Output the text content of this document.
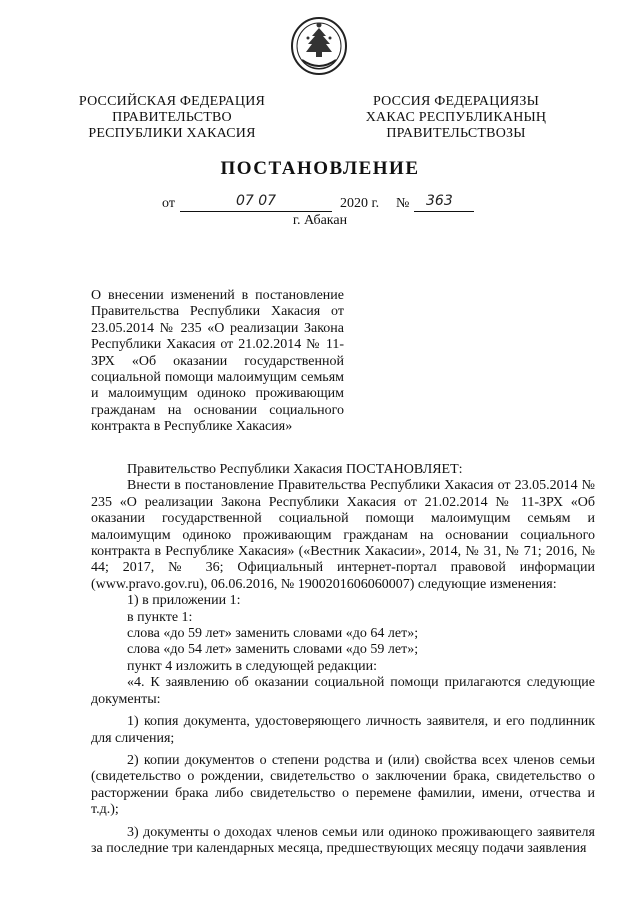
РОССИЙСКАЯ ФЕДЕРАЦИЯ
ПРАВИТЕЛЬСТВО
РЕСПУБЛИКИ ХАКАСИЯ
РОССИЯ ФЕДЕРАЦИЯЗЫ
ХАКАС РЕСПУБЛИКАНЫҢ
ПРАВИТЕЛЬСТВОЗЫ
ПОСТАНОВЛЕНИЕ
от	07 07	2020 г. № 363
г. Абакан
О внесении изменений в постановление Правительства Республики Хакасия от 23.05.2014 № 235 «О реализации Закона Республики Хакасия от 21.02.2014 № 11-ЗРХ «Об оказании государственной социальной помощи малоимущим семьям и малоимущим одиноко проживающим гражданам на основании социального контракта в Республике Хакасия»

Правительство Республики Хакасия ПОСТАНОВЛЯЕТ:

Внести в постановление Правительства Республики Хакасия от 23.05.2014 № 235 «О реализации Закона Республики Хакасия от 21.02.2014 № 11-ЗРХ «Об оказании государственной социальной помощи малоимущим семьям и малоимущим одиноко проживающим гражданам на основании социального контракта в Республике Хакасия» («Вестник Хакасии», 2014, № 31, № 71; 2016, № 44; 2017, № 36; Официальный интернет-портал правовой информации (www.pravo.gov.ru), 06.06.2016, № 1900201606060007) следующие изменения:

1) в приложении 1:

в пункте 1:

слова «до 59 лет» заменить словами «до 64 лет»;

слова «до 54 лет» заменить словами «до 59 лет»;

пункт 4 изложить в следующей редакции:

«4. К заявлению об оказании социальной помощи прилагаются следующие документы:

1) копия документа, удостоверяющего личность заявителя, и его подлинник для сличения;

2) копии документов о степени родства и (или) свойства всех членов семьи (свидетельство о рождении, свидетельство о заключении брака, свидетельство о расторжении брака либо свидетельство о перемене фамилии, имени, отчества и т.д.);

3) документы о доходах членов семьи или одиноко проживающего заявителя за последние три календарных месяца, предшествующих месяцу подачи заявления
